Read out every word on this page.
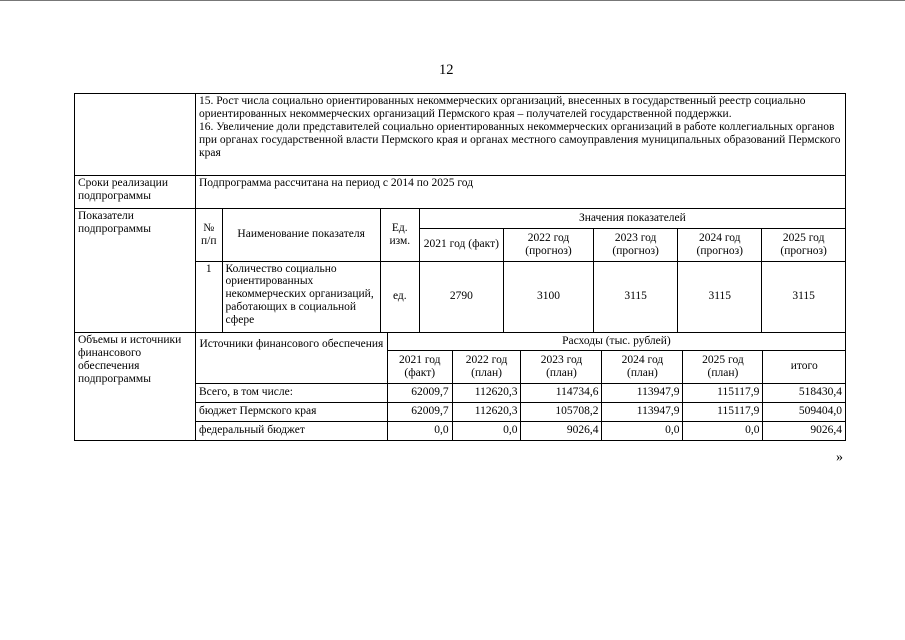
12

15. Рост числа социально ориентированных некоммерческих организаций, внесенных в государственный реестр социально ориентированных некоммерческих организаций Пермского края – получателей государственной поддержки.
16. Увеличение доли представителей социально ориентированных некоммерческих организаций в работе коллегиальных органов при органах государственной власти Пермского края и органах местного самоуправления муниципальных образований Пермского края

Сроки реализации подпрограммы	Подпрограмма рассчитана на период с 2014 по 2025 год
Показатели подпрограммы		№ п/п	Наименование показателя	Ед. изм.	Значения показателей
2021 год (факт)	2022 год (прогноз)	2023 год (прогноз)	2024 год (прогноз)	2025 год (прогноз)
1	Количество социально ориентированных некоммерческих организаций, работающих в социальной сфере	ед.	2790	3100	3115	3115	3115

Объемы и источники финансового обеспечения подпрограммы	
Источники финансового обеспечения	Расходы (тыс. рублей)
2021 год (факт)	2022 год (план)	2023 год (план)	2024 год (план)	2025 год (план)	итого
Всего, в том числе:	62009,7	112620,3	114734,6	113947,9	115117,9	518430,4
бюджет Пермского края	62009,7	112620,3	105708,2	113947,9	115117,9	509404,0
федеральный бюджет	0,0	0,0	9026,4	0,0	0,0	9026,4
»
